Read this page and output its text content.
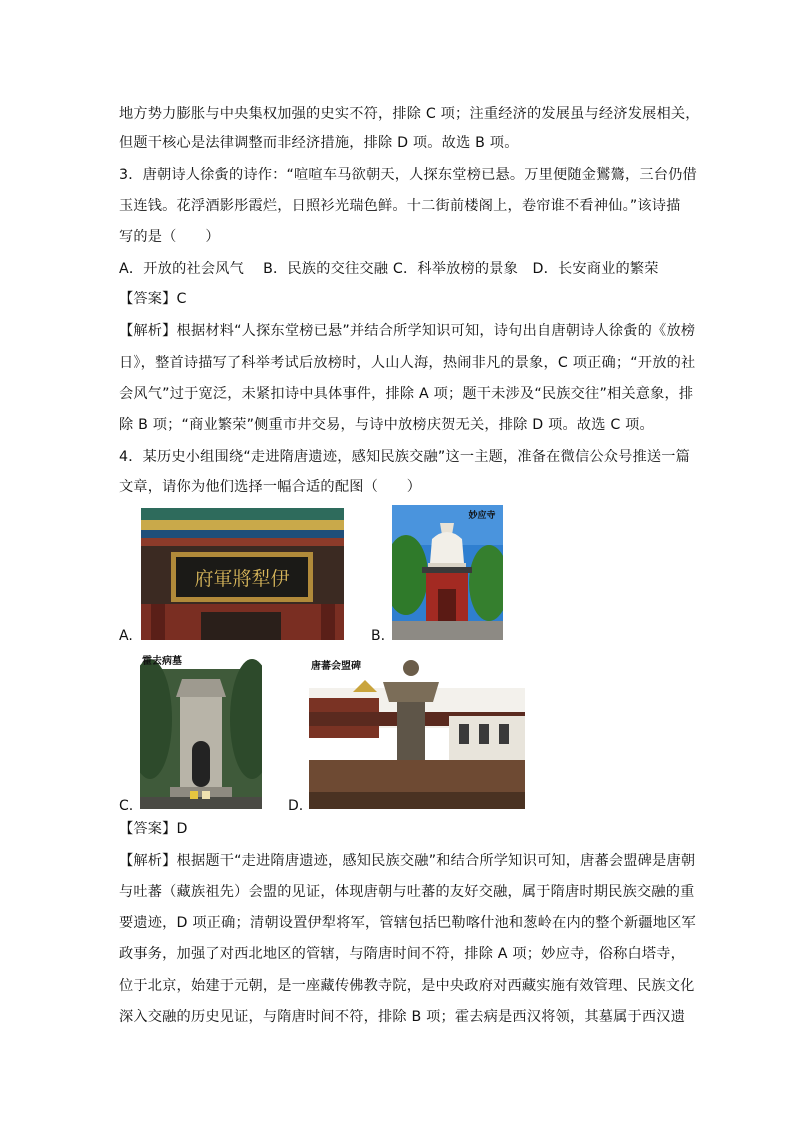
地方势力膨胀与中央集权加强的史实不符，排除 C 项；注重经济的发展虽与经济发展相关，
但题干核心是法律调整而非经济措施，排除 D 项。故选 B 项。
3．唐朝诗人徐夤的诗作：“喧喧车马欲朝天，人探东堂榜已悬。万里便随金鸑鷟，三台仍借
玉连钱。花浮酒影彤霞烂，日照衫光瑞色鲜。十二街前楼阁上，卷帘谁不看神仙。”该诗描
写的是（　　）
A．开放的社会风气　 B．民族的交往交融 C．科举放榜的景象　D．长安商业的繁荣
【答案】C
【解析】根据材料“人探东堂榜已悬”并结合所学知识可知，诗句出自唐朝诗人徐夤的《放榜
日》，整首诗描写了科举考试后放榜时，人山人海，热闹非凡的景象，C 项正确；“开放的社
会风气”过于宽泛，未紧扣诗中具体事件，排除 A 项；题干未涉及“民族交往”相关意象，排
除 B 项；“商业繁荣”侧重市井交易，与诗中放榜庆贺无关，排除 D 项。故选 C 项。
4．某历史小组围绕“走进隋唐遗迹，感知民族交融”这一主题，准备在微信公众号推送一篇
文章，请你为他们选择一幅合适的配图（　　）
A.
府軍將犁伊
B.
妙应寺
C.
霍去病墓
D.
唐蕃会盟碑
【答案】D
【解析】根据题干“走进隋唐遗迹，感知民族交融”和结合所学知识可知，唐蕃会盟碑是唐朝
与吐蕃（藏族祖先）会盟的见证，体现唐朝与吐蕃的友好交融，属于隋唐时期民族交融的重
要遗迹，D 项正确；清朝设置伊犁将军，管辖包括巴勒喀什池和葱岭在内的整个新疆地区军
政事务，加强了对西北地区的管辖，与隋唐时间不符，排除 A 项；妙应寺，俗称白塔寺，
位于北京，始建于元朝，是一座藏传佛教寺院，是中央政府对西藏实施有效管理、民族文化
深入交融的历史见证，与隋唐时间不符，排除 B 项；霍去病是西汉将领，其墓属于西汉遗
